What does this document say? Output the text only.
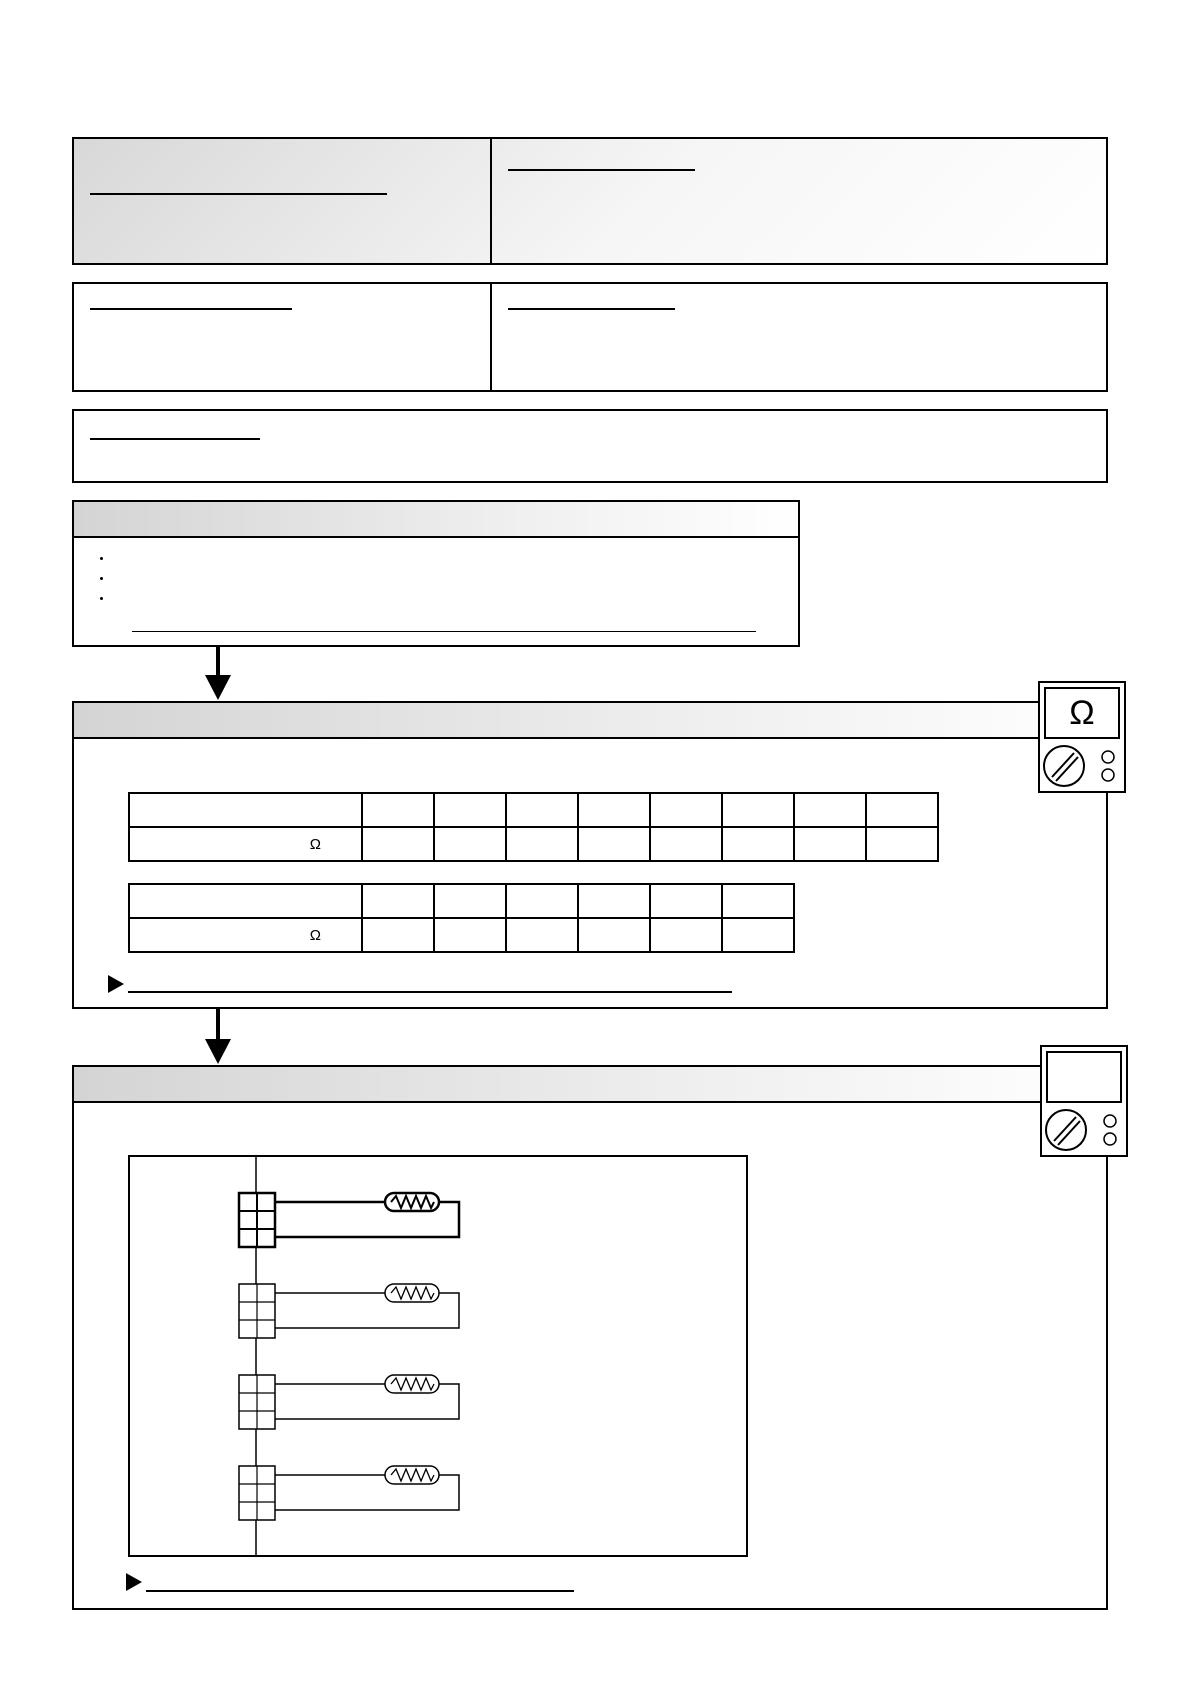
Ω								

Ω						

Ω
